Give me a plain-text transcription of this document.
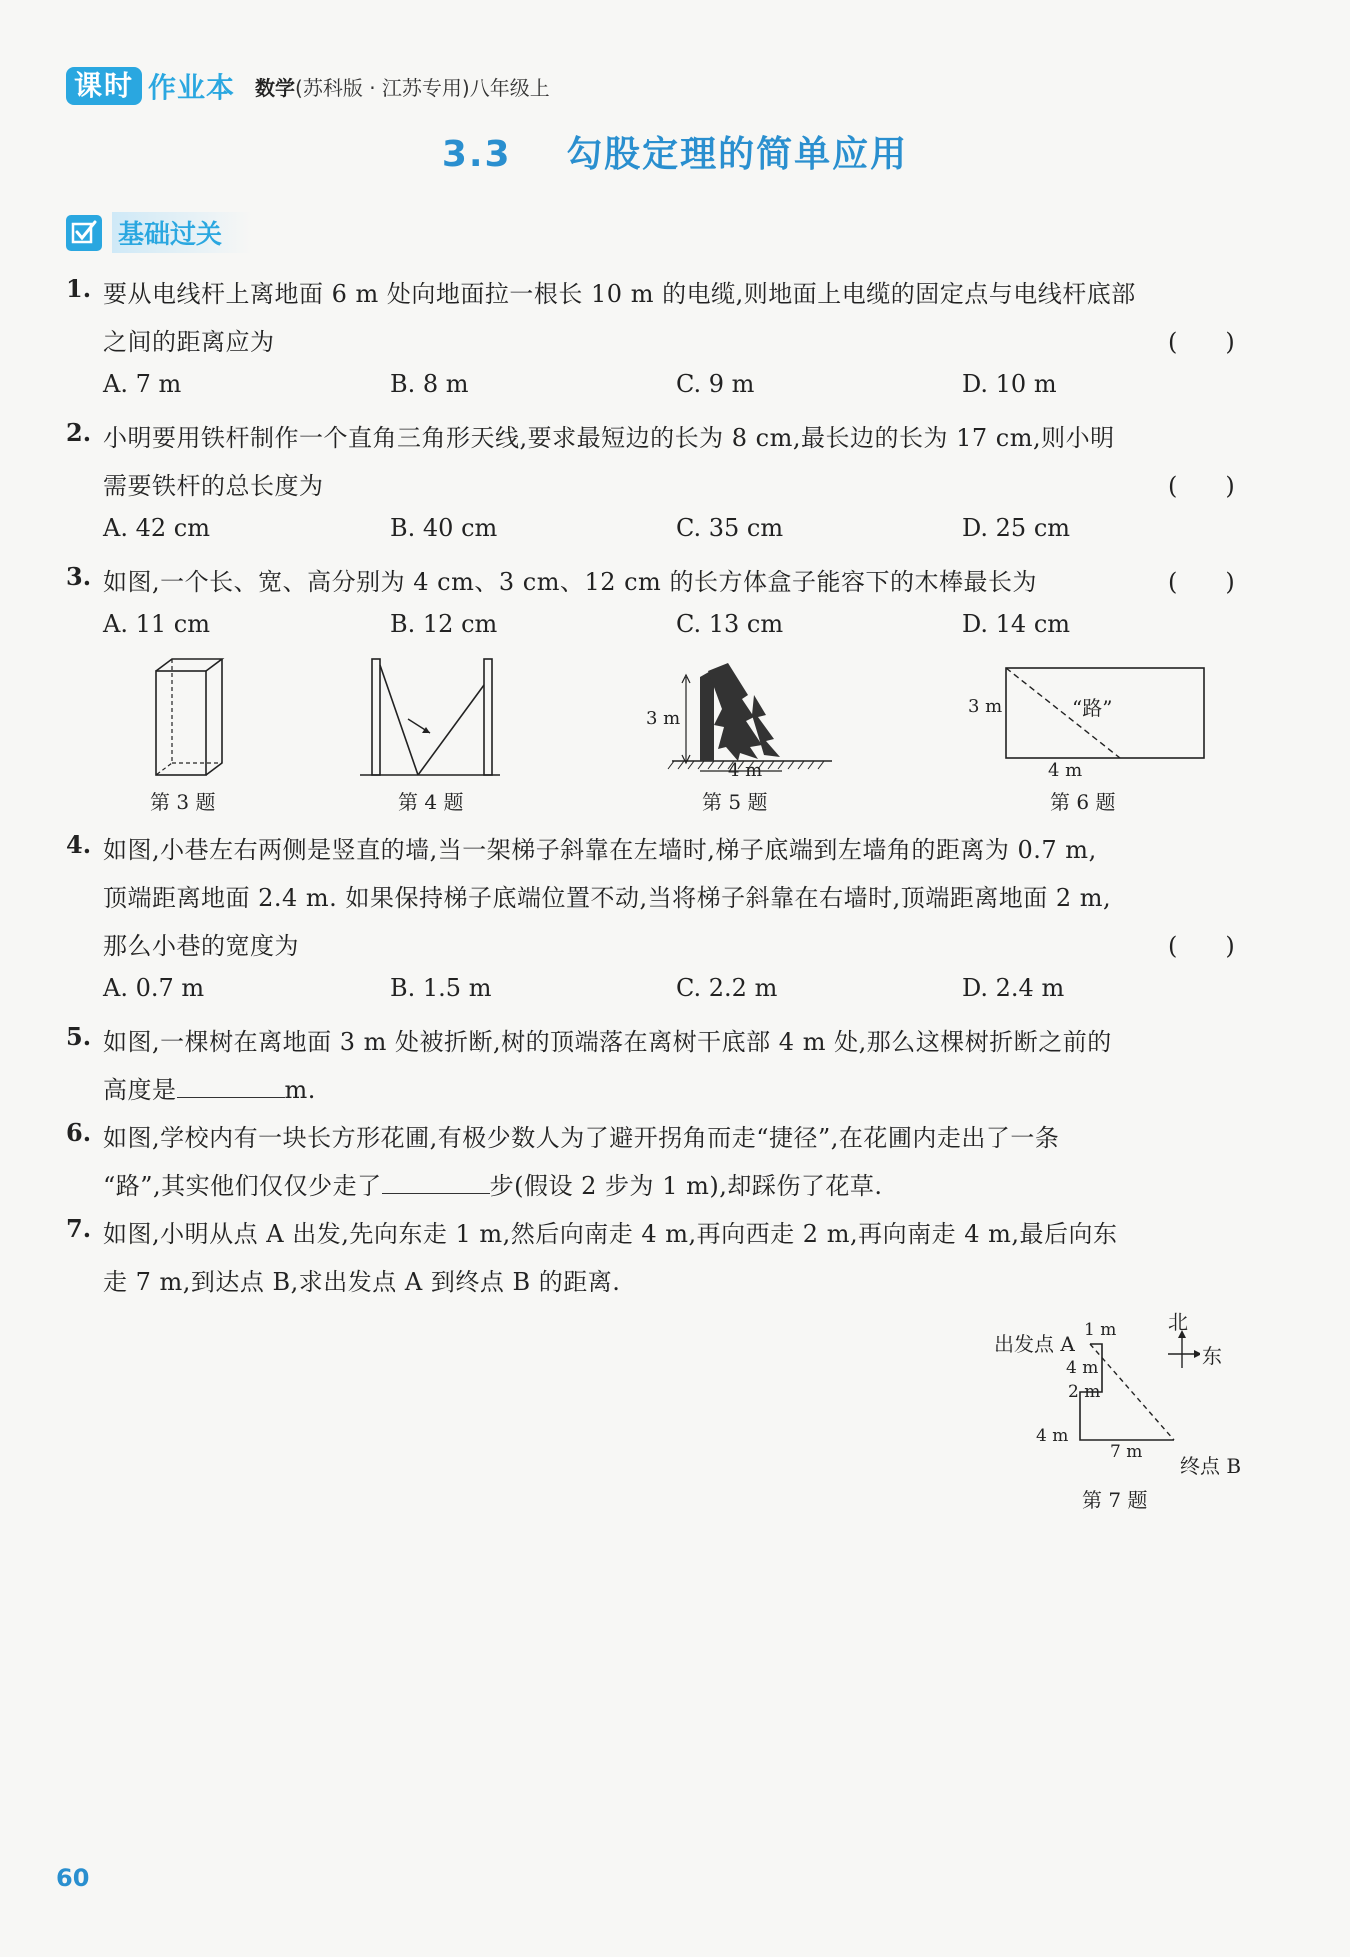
课时 作业本 数学 (苏科版 · 江苏专用)八年级上
3.3 勾股定理的简单应用
基础过关
1. 要从电线杆上离地面 6 m 处向地面拉一根长 10 m 的电缆,则地面上电缆的固定点与电线杆底部
之间的距离应为	(　　)
A. 7 m	B. 8 m	C. 9 m	D. 10 m
2. 小明要用铁杆制作一个直角三角形天线,要求最短边的长为 8 cm,最长边的长为 17 cm,则小明
需要铁杆的总长度为	(　　)
A. 42 cm	B. 40 cm	C. 35 cm	D. 25 cm
3. 如图,一个长、宽、高分别为 4 cm、3 cm、12 cm 的长方体盒子能容下的木棒最长为	(　　)
A. 11 cm	B. 12 cm	C. 13 cm	D. 14 cm
第 3 题	第 4 题
3 m
4 m
第 5 题
3 m
4 m
“路”
第 6 题
4. 如图,小巷左右两侧是竖直的墙,当一架梯子斜靠在左墙时,梯子底端到左墙角的距离为 0.7 m,
顶端距离地面 2.4 m. 如果保持梯子底端位置不动,当将梯子斜靠在右墙时,顶端距离地面 2 m,
那么小巷的宽度为	(　　)
A. 0.7 m	B. 1.5 m	C. 2.2 m	D. 2.4 m
5. 如图,一棵树在离地面 3 m 处被折断,树的顶端落在离树干底部 4 m 处,那么这棵树折断之前的
高度是	m.
6. 如图,学校内有一块长方形花圃,有极少数人为了避开拐角而走“捷径”,在花圃内走出了一条
“路”,其实他们仅仅少走了	步(假设 2 步为 1 m),却踩伤了花草.
7. 如图,小明从点 A 出发,先向东走 1 m,然后向南走 4 m,再向西走 2 m,再向南走 4 m,最后向东
走 7 m,到达点 B,求出发点 A 到终点 B 的距离.
出发点 A
北
东
1 m
4 m
2 m
4 m
7 m
终点 B
第 7 题
60
